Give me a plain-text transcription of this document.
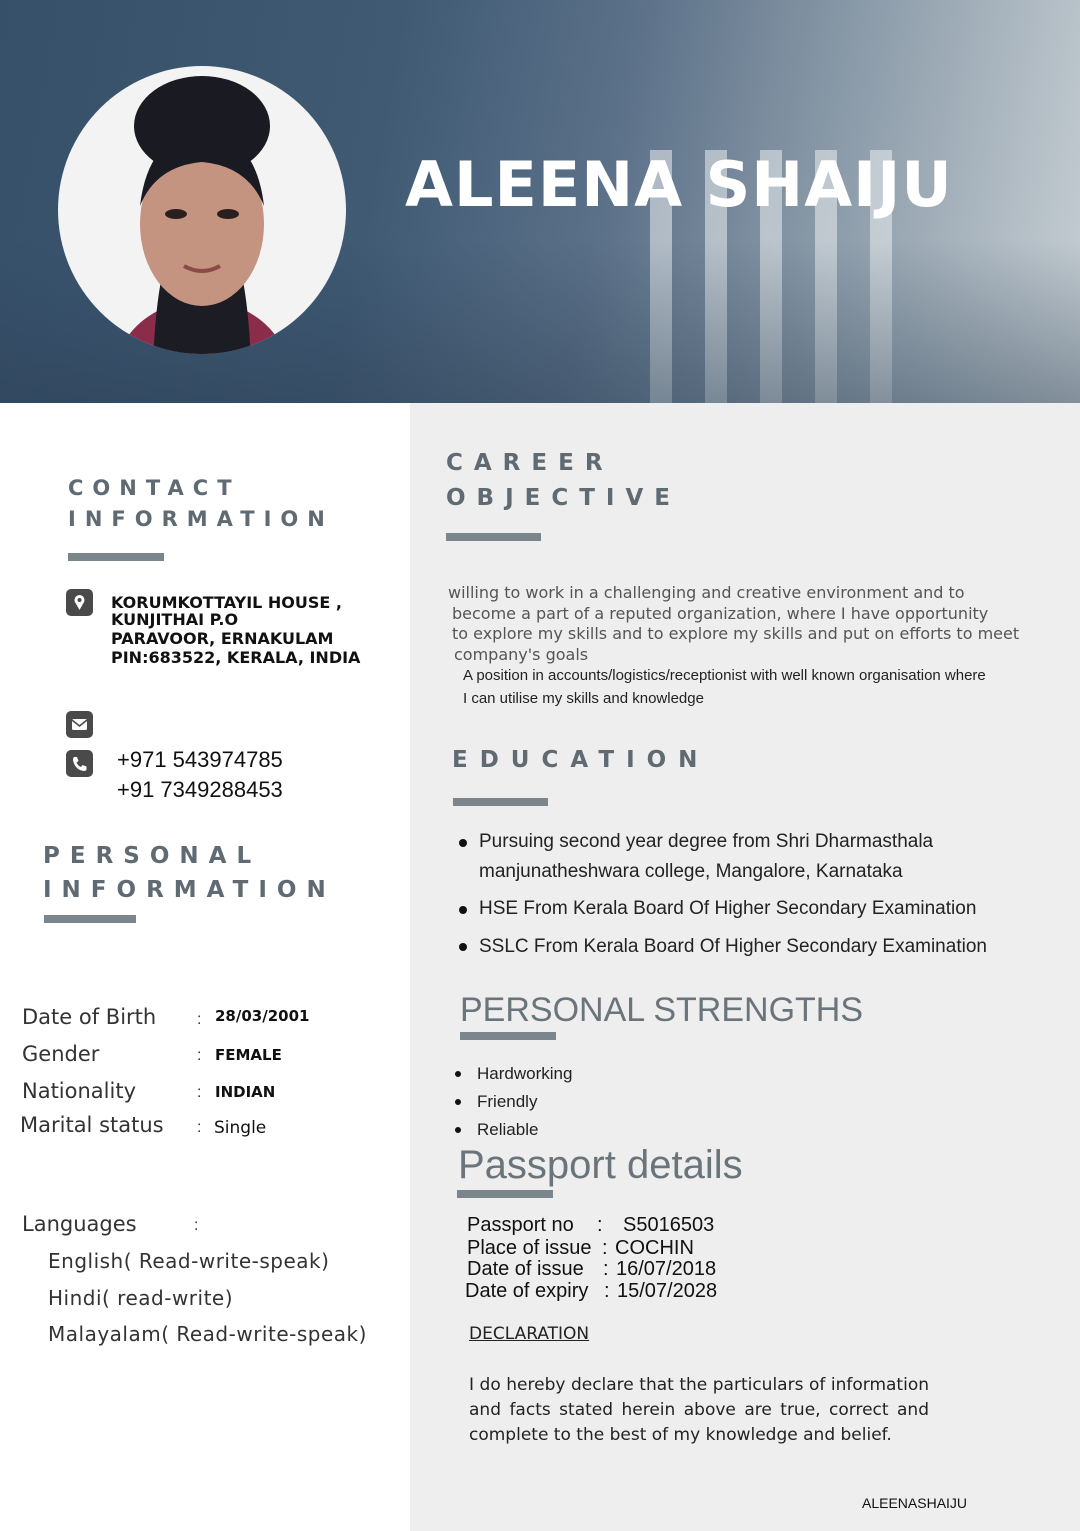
ALEENA SHAIJU
CONTACT
INFORMATION
KORUMKOTTAYIL HOUSE ,
KUNJITHAI P.O
PARAVOOR, ERNAKULAM
PIN:683522, KERALA, INDIA
+971 543974785
+91 7349288453
PERSONAL
INFORMATION
Date of Birth	: 28/03/2001
Gender	: FEMALE
Nationality	: INDIAN
Marital status : Single
Languages	:
English( Read-write-speak)
Hindi( read-write)
Malayalam( Read-write-speak)
CAREER
OBJECTIVE
willing to work in a challenging and creative environment and to
become a part of a reputed organization, where I have opportunity
to explore my skills and to explore my skills and put on efforts to meet
company's goals
A position in accounts/logistics/receptionist with well known organisation where
I can utilise my skills and knowledge
EDUCATION
Pursuing second year degree from Shri Dharmasthala
manjunatheshwara college, Mangalore, Karnataka
HSE From Kerala Board Of Higher Secondary Examination
SSLC From Kerala Board Of Higher Secondary Examination
PERSONAL STRENGTHS
Hardworking
Friendly
Reliable
Passport details
Passport no : S5016503
Place of issue : COCHIN
Date of issue : 16/07/2018
Date of expiry : 15/07/2028
DECLARATION
I do hereby declare that the particulars of information and facts stated herein above are true, correct and complete to the best of my knowledge and belief.
ALEENASHAIJU
